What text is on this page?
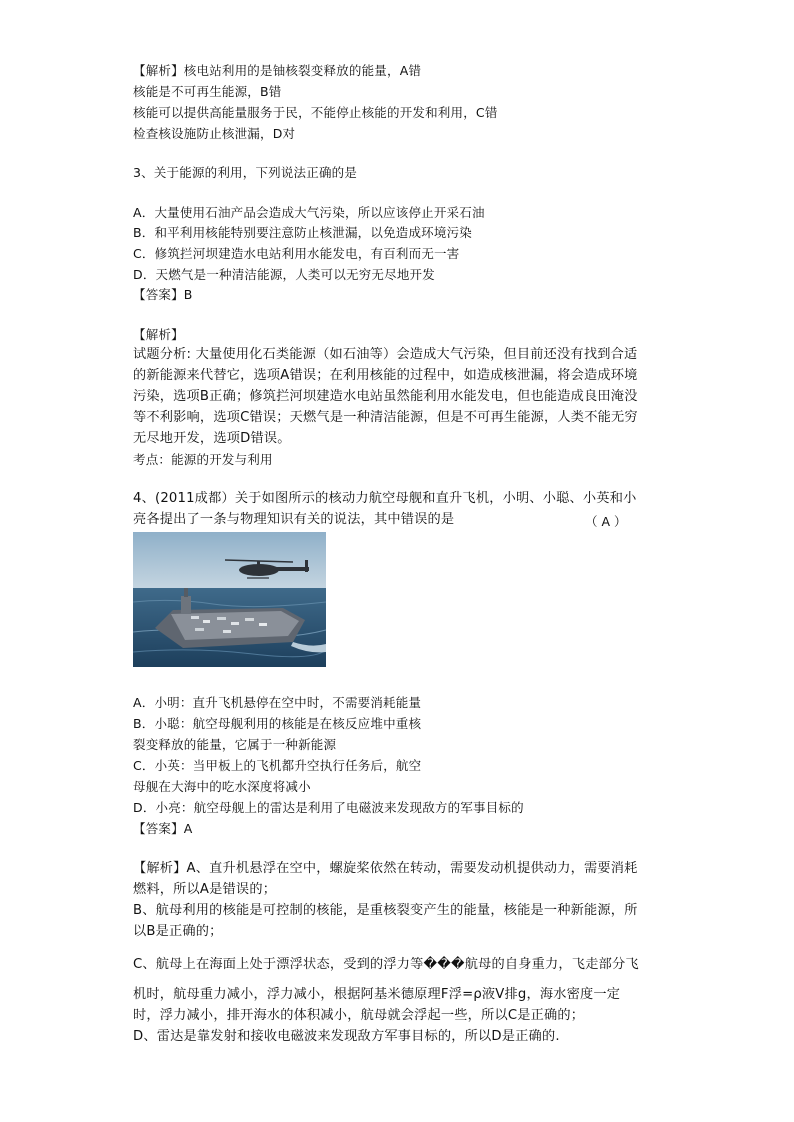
【解析】核电站利用的是铀核裂变释放的能量，A错
核能是不可再生能源，B错
核能可以提供高能量服务于民，不能停止核能的开发和利用，C错
检查核设施防止核泄漏，D对
3、关于能源的利用，下列说法正确的是
A．大量使用石油产品会造成大气污染，所以应该停止开采石油
B．和平利用核能特别要注意防止核泄漏，以免造成环境污染
C．修筑拦河坝建造水电站利用水能发电，有百利而无一害
D．天燃气是一种清洁能源，人类可以无穷无尽地开发
【答案】B
【解析】
试题分析: 大量使用化石类能源（如石油等）会造成大气污染，但目前还没有找到合适
的新能源来代替它，选项A错误；在利用核能的过程中，如造成核泄漏，将会造成环境
污染，选项B正确；修筑拦河坝建造水电站虽然能利用水能发电，但也能造成良田淹没
等不利影响，选项C错误；天燃气是一种清洁能源，但是不可再生能源，人类不能无穷
无尽地开发，选项D错误。
考点：能源的开发与利用
4、(2011成都）关于如图所示的核动力航空母舰和直升飞机，小明、小聪、小英和小
亮各提出了一条与物理知识有关的说法，其中错误的是	（ A ）
A．小明：直升飞机悬停在空中时，不需要消耗能量
B．小聪：航空母舰利用的核能是在核反应堆中重核
裂变释放的能量，它属于一种新能源
C．小英：当甲板上的飞机都升空执行任务后，航空
母舰在大海中的吃水深度将减小
D．小亮：航空母舰上的雷达是利用了电磁波来发现敌方的军事目标的
【答案】A
【解析】A、直升机悬浮在空中，螺旋桨依然在转动，需要发动机提供动力，需要消耗
燃料，所以A是错误的；
B、航母利用的核能是可控制的核能，是重核裂变产生的能量，核能是一种新能源，所
以B是正确的；
C、航母上在海面上处于漂浮状态，受到的浮力等���航母的自身重力，飞走部分飞
机时，航母重力减小，浮力减小，根据阿基米德原理F浮=ρ液V排g，海水密度一定
时，浮力减小，排开海水的体积减小，航母就会浮起一些，所以C是正确的；
D、雷达是靠发射和接收电磁波来发现敌方军事目标的，所以D是正确的.
